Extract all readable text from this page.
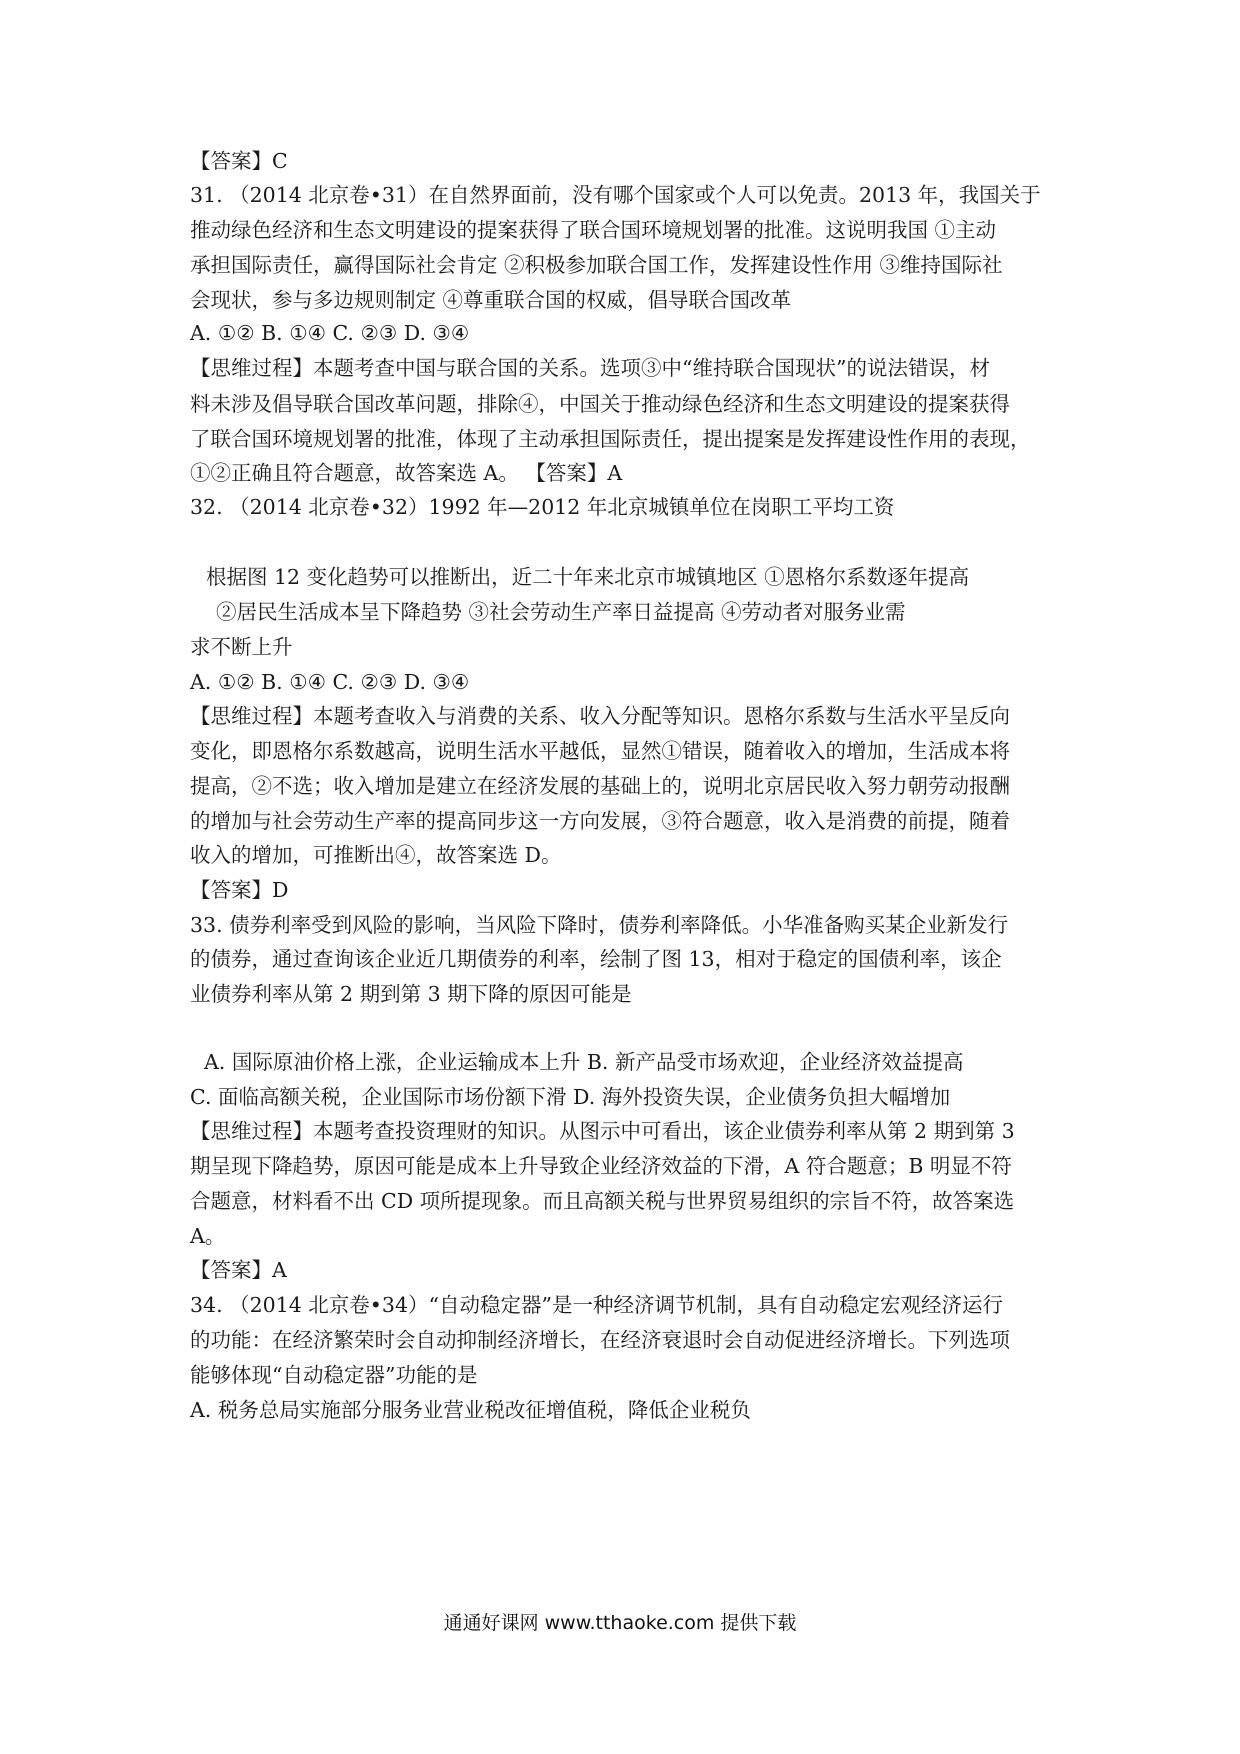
【答案】C
31. （2014 北京卷•31）在自然界面前，没有哪个国家或个人可以免责。2013 年，我国关于
推动绿色经济和生态文明建设的提案获得了联合国环境规划署的批准。这说明我国 ①主动
承担国际责任，赢得国际社会肯定 ②积极参加联合国工作，发挥建设性作用 ③维持国际社
会现状，参与多边规则制定 ④尊重联合国的权威，倡导联合国改革
A. ①② B. ①④ C. ②③ D. ③④
【思维过程】本题考查中国与联合国的关系。选项③中“维持联合国现状”的说法错误，材
料未涉及倡导联合国改革问题，排除④，中国关于推动绿色经济和生态文明建设的提案获得
了联合国环境规划署的批准，体现了主动承担国际责任，提出提案是发挥建设性作用的表现，
①②正确且符合题意，故答案选 A。 【答案】A
32. （2014 北京卷•32）1992 年—2012 年北京城镇单位在岗职工平均工资
根据图 12 变化趋势可以推断出，近二十年来北京市城镇地区 ①恩格尔系数逐年提高
②居民生活成本呈下降趋势 ③社会劳动生产率日益提高 ④劳动者对服务业需
求不断上升
A. ①② B. ①④ C. ②③ D. ③④
【思维过程】本题考查收入与消费的关系、收入分配等知识。恩格尔系数与生活水平呈反向
变化，即恩格尔系数越高，说明生活水平越低，显然①错误，随着收入的增加，生活成本将
提高，②不选；收入增加是建立在经济发展的基础上的，说明北京居民收入努力朝劳动报酬
的增加与社会劳动生产率的提高同步这一方向发展，③符合题意，收入是消费的前提，随着
收入的增加，可推断出④，故答案选 D。
【答案】D
33. 债券利率受到风险的影响，当风险下降时，债券利率降低。小华准备购买某企业新发行
的债券，通过查询该企业近几期债券的利率，绘制了图 13，相对于稳定的国债利率，该企
业债券利率从第 2 期到第 3 期下降的原因可能是
A. 国际原油价格上涨，企业运输成本上升 B. 新产品受市场欢迎，企业经济效益提高
C. 面临高额关税，企业国际市场份额下滑 D. 海外投资失误，企业债务负担大幅增加
【思维过程】本题考查投资理财的知识。从图示中可看出，该企业债券利率从第 2 期到第 3
期呈现下降趋势，原因可能是成本上升导致企业经济效益的下滑，A 符合题意；B 明显不符
合题意，材料看不出 CD 项所提现象。而且高额关税与世界贸易组织的宗旨不符，故答案选
A。
【答案】A
34. （2014 北京卷•34）“自动稳定器”是一种经济调节机制，具有自动稳定宏观经济运行
的功能：在经济繁荣时会自动抑制经济增长，在经济衰退时会自动促进经济增长。下列选项
能够体现“自动稳定器”功能的是
A. 税务总局实施部分服务业营业税改征增值税，降低企业税负
通通好课网 www.tthaoke.com 提供下载
